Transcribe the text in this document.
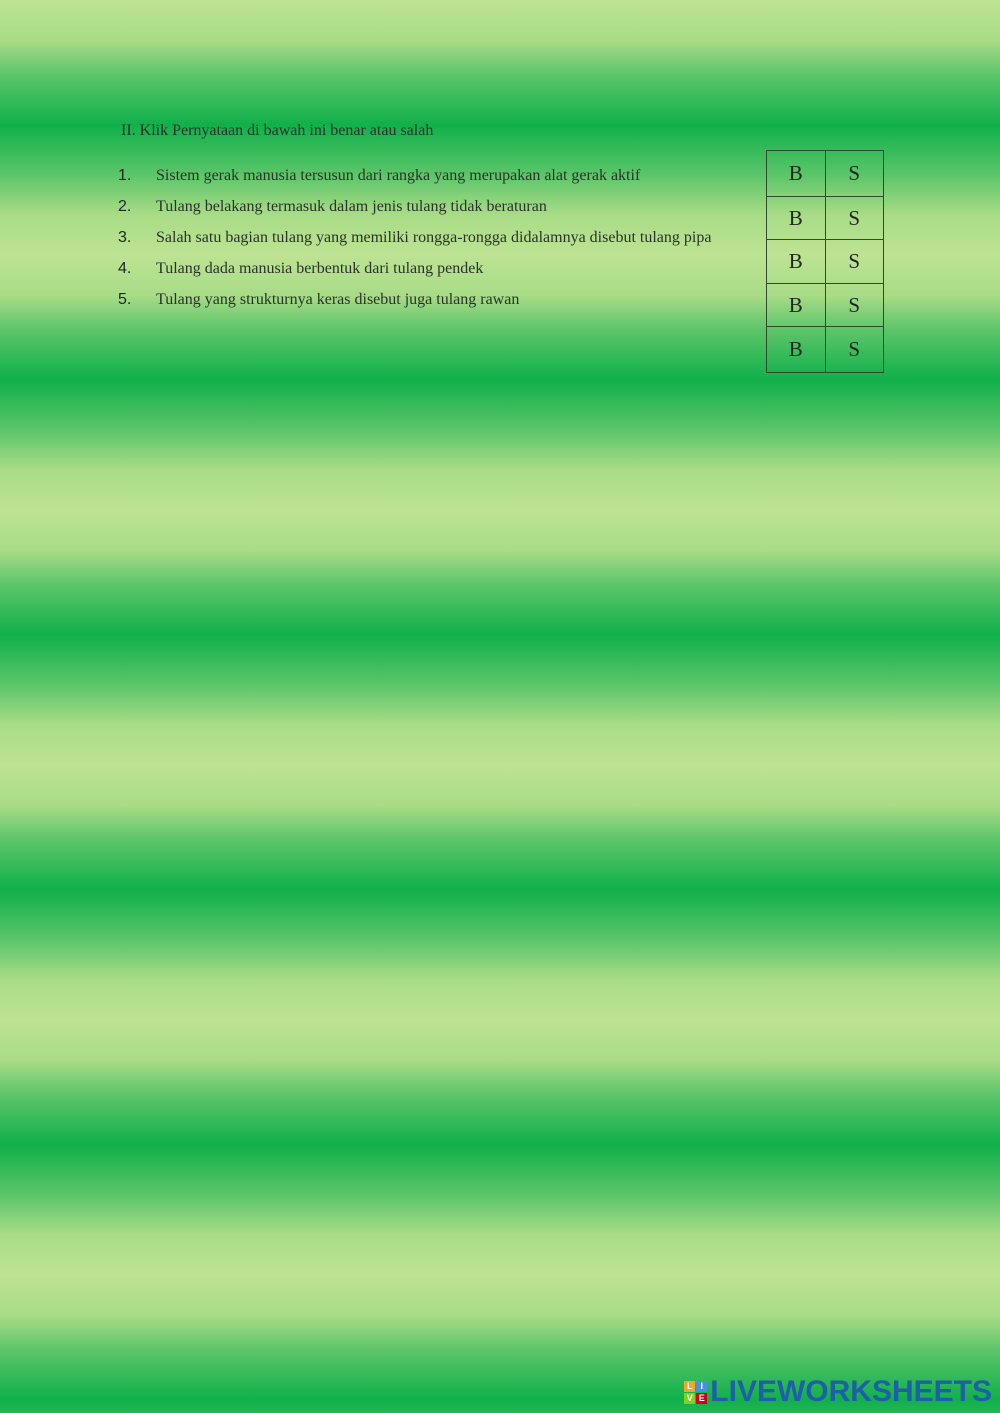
II. Klik Pernyataan di bawah ini benar atau salah
1.	Sistem gerak manusia tersusun dari rangka yang merupakan alat gerak aktif
2.	Tulang belakang termasuk dalam jenis tulang tidak beraturan
3.	Salah satu bagian tulang yang memiliki rongga-rongga didalamnya disebut tulang pipa
4.	Tulang dada manusia berbentuk dari tulang pendek
5.	Tulang yang strukturnya keras disebut juga tulang rawan
B	S
B	S
B	S
B	S
B	S
L I
V E LIVEWORKSHEETS
